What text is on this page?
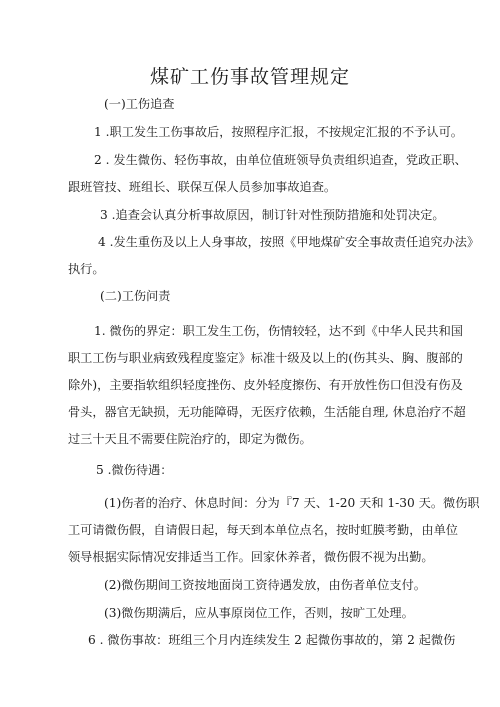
煤矿工伤事故管理规定
(一)工伤追查
1 .职工发生工伤事故后，按照程序汇报，不按规定汇报的不予认可。
2 . 发生微伤、轻伤事故，由单位值班领导负责组织追查，党政正职、
跟班管技、班组长、联保互保人员参加事故追查。
3 .追查会认真分析事故原因，制订针对性预防措施和处罚决定。
4 .发生重伤及以上人身事故，按照《甲地煤矿安全事故责任追究办法》
执行。
(二)工伤问责
1. 微伤的界定：职工发生工伤，伤情较轻，达不到《中华人民共和国
职工工伤与职业病致残程度鉴定》标准十级及以上的(伤其头、胸、腹部的
除外)，主要指软组织轻度挫伤、皮外轻度擦伤、有开放性伤口但没有伤及
骨头，器官无缺损，无功能障碍，无医疗依赖，生活能自理, 休息治疗不超
过三十天且不需要住院治疗的，即定为微伤。
5 .微伤待遇：
(1)伤者的治疗、休息时间：分为『7 天、1-20 天和 1-30 天。微伤职
工可请微伤假，自请假日起，每天到本单位点名，按时虹膜考勤，由单位
领导根据实际情况安排适当工作。回家休养者，微伤假不视为出勤。
(2)微伤期间工资按地面岗工资待遇发放，由伤者单位支付。
(3)微伤期满后，应从事原岗位工作，否则，按旷工处理。
6 . 微伤事故：班组三个月内连续发生 2 起微伤事故的，第 2 起微伤
